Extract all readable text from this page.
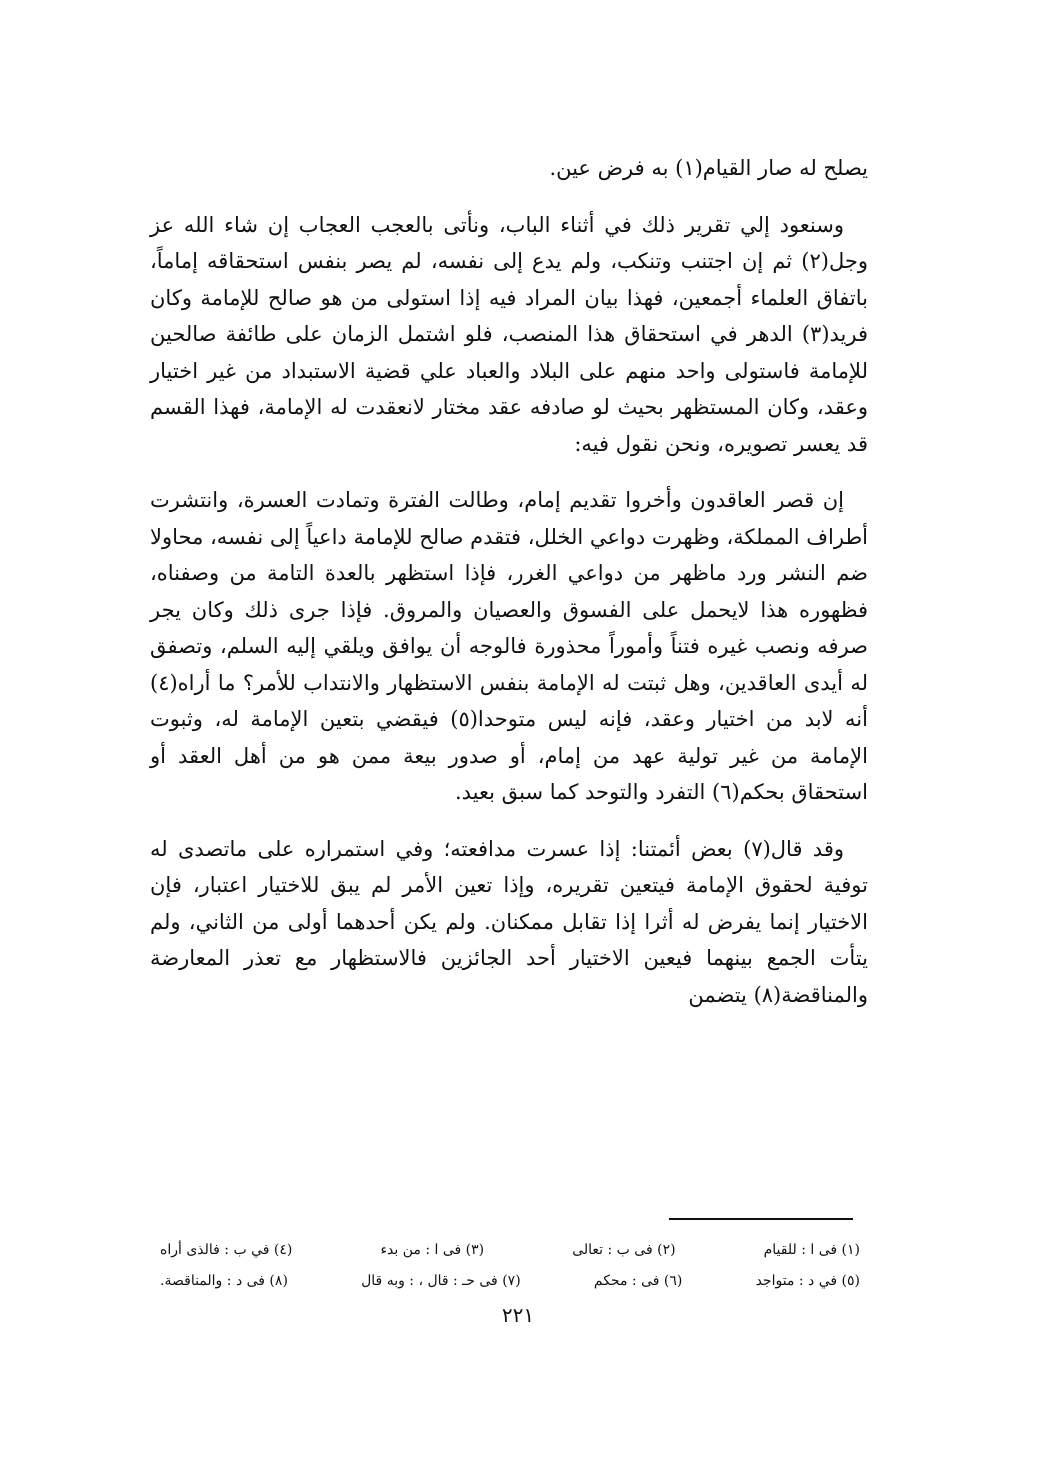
يصلح له صار القيام(١) به فرض عين.

وسنعود إلي تقرير ذلك في أثناء الباب، ونأتى بالعجب العجاب إن شاء الله عز وجل(٢) ثم إن اجتنب وتنكب، ولم يدع إلى نفسه، لم يصر بنفس استحقاقه إماماً، باتفاق العلماء أجمعين، فهذا بيان المراد فيه إذا استولى من هو صالح للإمامة وكان فريد(٣) الدهر في استحقاق هذا المنصب، فلو اشتمل الزمان على طائفة صالحين للإمامة فاستولى واحد منهم على البلاد والعباد علي قضية الاستبداد من غير اختيار وعقد، وكان المستظهر بحيث لو صادفه عقد مختار لانعقدت له الإمامة، فهذا القسم قد يعسر تصويره، ونحن نقول فيه:

إن قصر العاقدون وأخروا تقديم إمام، وطالت الفترة وتمادت العسرة، وانتشرت أطراف المملكة، وظهرت دواعي الخلل، فتقدم صالح للإمامة داعياً إلى نفسه، محاولا ضم النشر ورد ماظهر من دواعي الغرر، فإذا استظهر بالعدة التامة من وصفناه، فظهوره هذا لايحمل على الفسوق والعصيان والمروق. فإذا جرى ذلك وكان يجر صرفه ونصب غيره فتناً وأموراً محذورة فالوجه أن يوافق ويلقي إليه السلم، وتصفق له أيدى العاقدين، وهل ثبتت له الإمامة بنفس الاستظهار والانتداب للأمر؟ ما أراه(٤) أنه لابد من اختيار وعقد، فإنه ليس متوحدا(٥) فيقضي بتعين الإمامة له، وثبوت الإمامة من غير تولية عهد من إمام، أو صدور بيعة ممن هو من أهل العقد أو استحقاق بحكم(٦) التفرد والتوحد كما سبق بعيد.

وقد قال(٧) بعض أئمتنا: إذا عسرت مدافعته؛ وفي استمراره على ماتصدى له توفية لحقوق الإمامة فيتعين تقريره، وإذا تعين الأمر لم يبق للاختيار اعتبار، فإن الاختيار إنما يفرض له أثرا إذا تقابل ممكنان. ولم يكن أحدهما أولى من الثاني، ولم يتأت الجمع بينهما فيعين الاختيار أحد الجائزين فالاستظهار مع تعذر المعارضة والمناقضة(٨) يتضمن

(١) فى ا : للقيام
(٢) فى ب : تعالى
(٣) فى ا : من بدء
(٤) في ب : فالذى أراه
(٥) في د : متواجد
(٦) فى : محكم
(٧) فى حـ : قال ، : وبه قال
(٨) فى د : والمناقصة.
٢٢١
